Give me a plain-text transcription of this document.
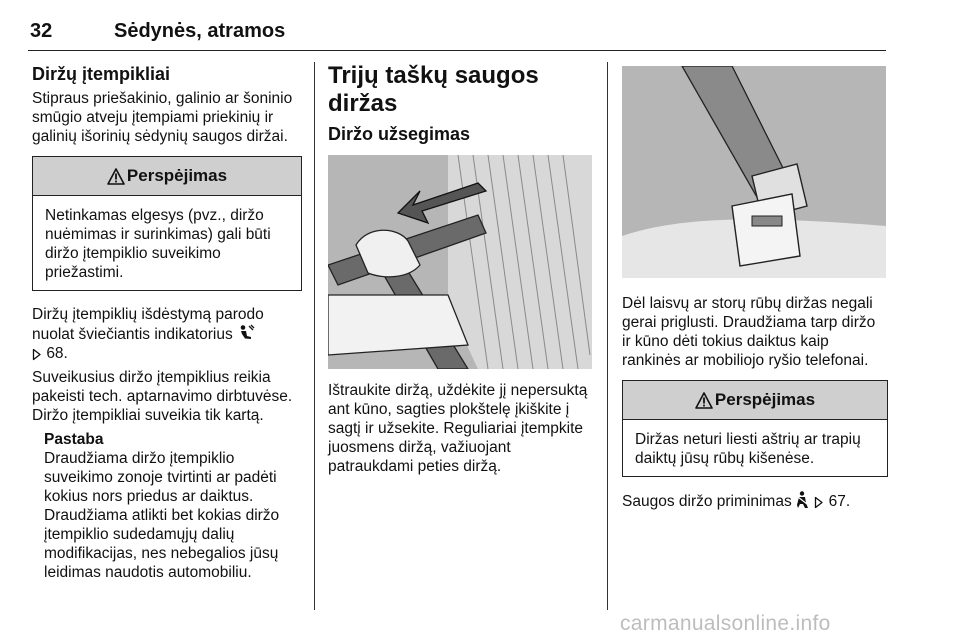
32	Sėdynės, atramos
Diržų įtempikliai

Stipraus priešakinio, galinio ar šoninio smūgio atveju įtempiami priekinių ir galinių išorinių sėdynių saugos diržai.

Perspėjimas
Netinkamas elgesys (pvz., diržo nuėmimas ir surinkimas) gali būti diržo įtempiklio suveikimo priežastimi.

Diržų įtempiklių išdėstymą parodo nuolat šviečiantis indikatorius
68.

Suveikusius diržo įtempiklius reikia pakeisti tech. aptarnavimo dirbtuvėse. Diržo įtempikliai suveikia tik kartą.

Pastaba

Draudžiama diržo įtempiklio suveikimo zonoje tvirtinti ar padėti kokius nors priedus ar daiktus. Draudžiama atlikti bet kokias diržo įtempiklio sudedamųjų dalių modifikacijas, nes nebegalios jūsų leidimas naudotis automobiliu.

Trijų taškų saugos diržas
Diržo užsegimas

Ištraukite diržą, uždėkite jį nepersuktą ant kūno, sagties plokštelę įkiškite į sagtį ir užsekite. Reguliariai įtempkite juosmens diržą, važiuojant patraukdami peties diržą.

Dėl laisvų ar storų rūbų diržas negali gerai priglusti. Draudžiama tarp diržo ir kūno dėti tokius daiktus kaip rankinės ar mobiliojo ryšio telefonai.

Perspėjimas
Diržas neturi liesti aštrių ar trapių daiktų jūsų rūbų kišenėse.

Saugos diržo priminimas 67.

carmanualsonline.info
